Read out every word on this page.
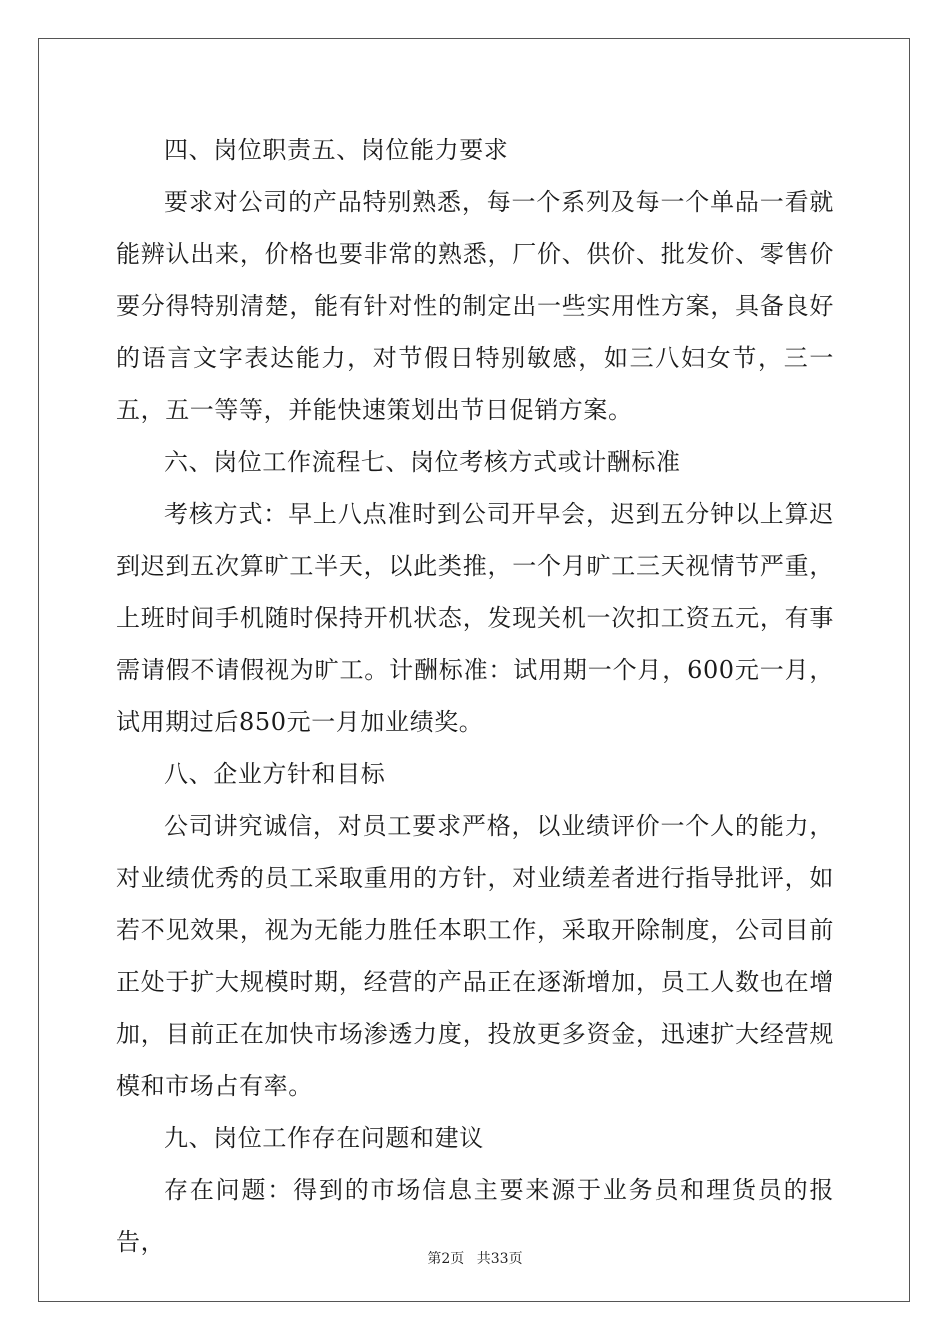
四、岗位职责五、岗位能力要求

要求对公司的产品特别熟悉，每一个系列及每一个单品一看就能辨认出来，价格也要非常的熟悉，厂价、供价、批发价、零售价要分得特别清楚，能有针对性的制定出一些实用性方案，具备良好的语言文字表达能力，对节假日特别敏感，如三八妇女节，三一五，五一等等，并能快速策划出节日促销方案。

六、岗位工作流程七、岗位考核方式或计酬标准

考核方式：早上八点准时到公司开早会，迟到五分钟以上算迟到迟到五次算旷工半天，以此类推，一个月旷工三天视情节严重，上班时间手机随时保持开机状态，发现关机一次扣工资五元，有事需请假不请假视为旷工。计酬标准：试用期一个月，600元一月，试用期过后850元一月加业绩奖。

八、企业方针和目标

公司讲究诚信，对员工要求严格，以业绩评价一个人的能力，对业绩优秀的员工采取重用的方针，对业绩差者进行指导批评，如若不见效果，视为无能力胜任本职工作，采取开除制度，公司目前正处于扩大规模时期，经营的产品正在逐渐增加，员工人数也在增加，目前正在加快市场渗透力度，投放更多资金，迅速扩大经营规模和市场占有率。

九、岗位工作存在问题和建议

存在问题：得到的市场信息主要来源于业务员和理货员的报告，

第2页 共33页
